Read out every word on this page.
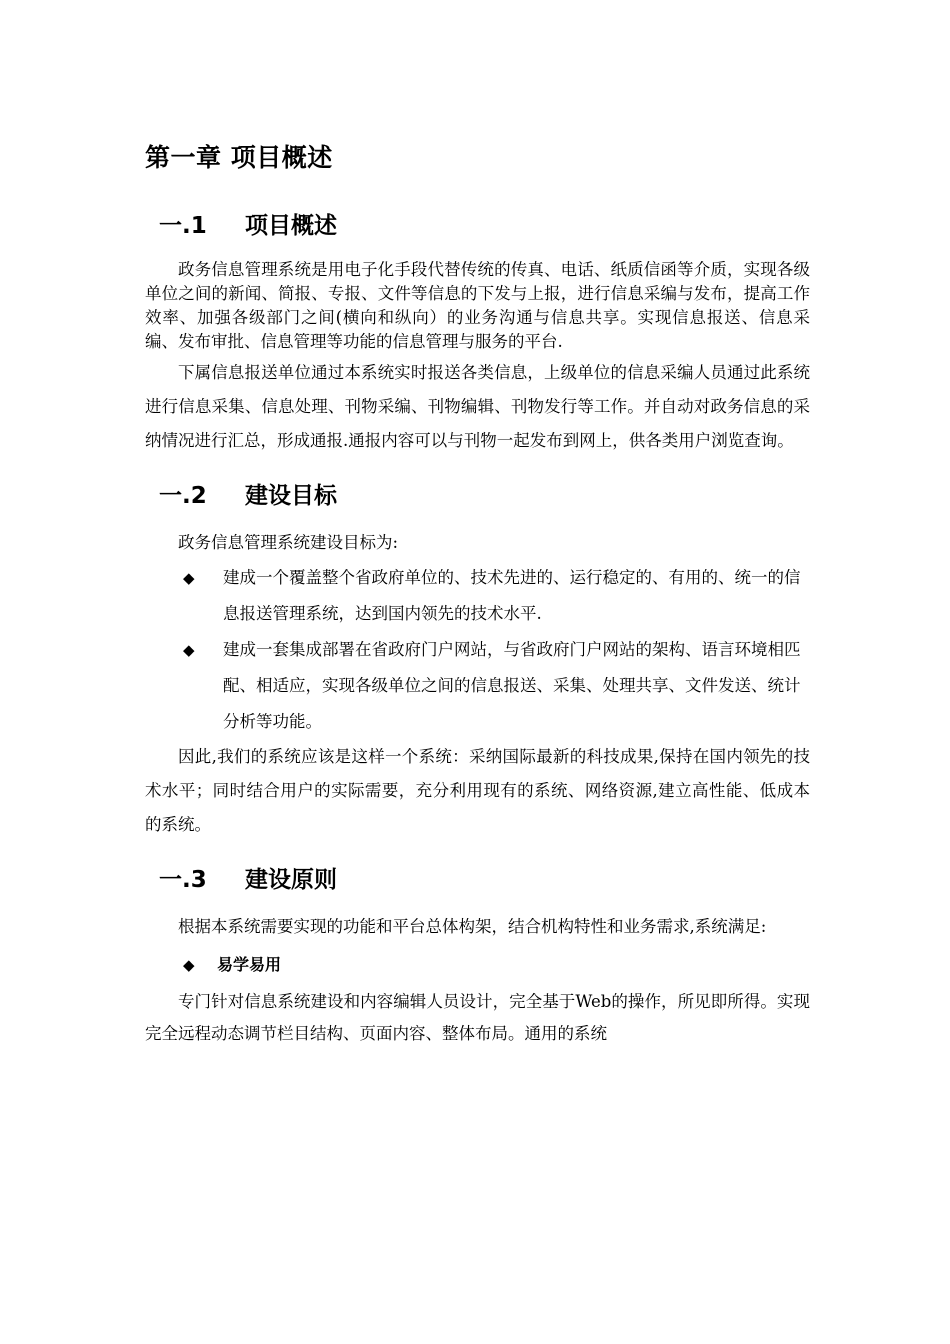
第一章 项目概述
一.1	项目概述

政务信息管理系统是用电子化手段代替传统的传真、电话、纸质信函等介质，实现各级单位之间的新闻、简报、专报、文件等信息的下发与上报，进行信息采编与发布，提高工作效率、加强各级部门之间(横向和纵向）的业务沟通与信息共享。实现信息报送、信息采编、发布审批、信息管理等功能的信息管理与服务的平台.

下属信息报送单位通过本系统实时报送各类信息，上级单位的信息采编人员通过此系统进行信息采集、信息处理、刊物采编、刊物编辑、刊物发行等工作。并自动对政务信息的采纳情况进行汇总，形成通报.通报内容可以与刊物一起发布到网上，供各类用户浏览查询。

一.2	建设目标

政务信息管理系统建设目标为:

◆	建成一个覆盖整个省政府单位的、技术先进的、运行稳定的、有用的、统一的信息报送管理系统，达到国内领先的技术水平.
◆	建成一套集成部署在省政府门户网站，与省政府门户网站的架构、语言环境相匹配、相适应，实现各级单位之间的信息报送、采集、处理共享、文件发送、统计分析等功能。

因此,我们的系统应该是这样一个系统：采纳国际最新的科技成果,保持在国内领先的技术水平；同时结合用户的实际需要，充分利用现有的系统、网络资源,建立高性能、低成本的系统。

一.3	建设原则

根据本系统需要实现的功能和平台总体构架，结合机构特性和业务需求,系统满足:

◆	易学易用

专门针对信息系统建设和内容编辑人员设计，完全基于Web的操作，所见即所得。实现完全远程动态调节栏目结构、页面内容、整体布局。通用的系统
